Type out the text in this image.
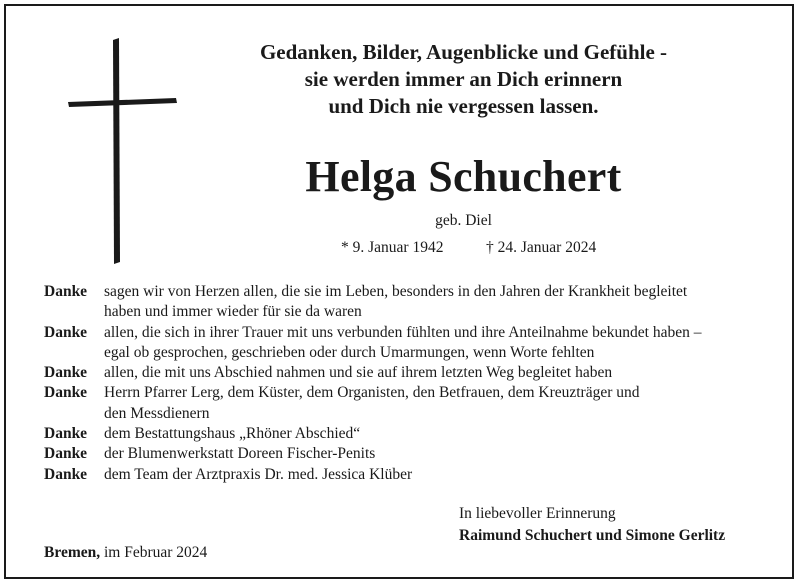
Gedanken, Bilder, Augenblicke und Gefühle -
sie werden immer an Dich erinnern
und Dich nie vergessen lassen.
Helga Schuchert
geb. Diel
* 9. Januar 1942	† 24. Januar 2024
Danke	sagen wir von Herzen allen, die sie im Leben, besonders in den Jahren der Krankheit begleitet
haben und immer wieder für sie da waren
Danke	allen, die sich in ihrer Trauer mit uns verbunden fühlten und ihre Anteilnahme bekundet haben –
egal ob gesprochen, geschrieben oder durch Umarmungen, wenn Worte fehlten
Danke	allen, die mit uns Abschied nahmen und sie auf ihrem letzten Weg begleitet haben
Danke	Herrn Pfarrer Lerg, dem Küster, dem Organisten, den Betfrauen, dem Kreuzträger und
den Messdienern
Danke	dem Bestattungshaus „Rhöner Abschied“
Danke	der Blumenwerkstatt Doreen Fischer-Penits
Danke	dem Team der Arztpraxis Dr. med. Jessica Klüber
In liebevoller Erinnerung
Raimund Schuchert und Simone Gerlitz
Bremen, im Februar 2024
